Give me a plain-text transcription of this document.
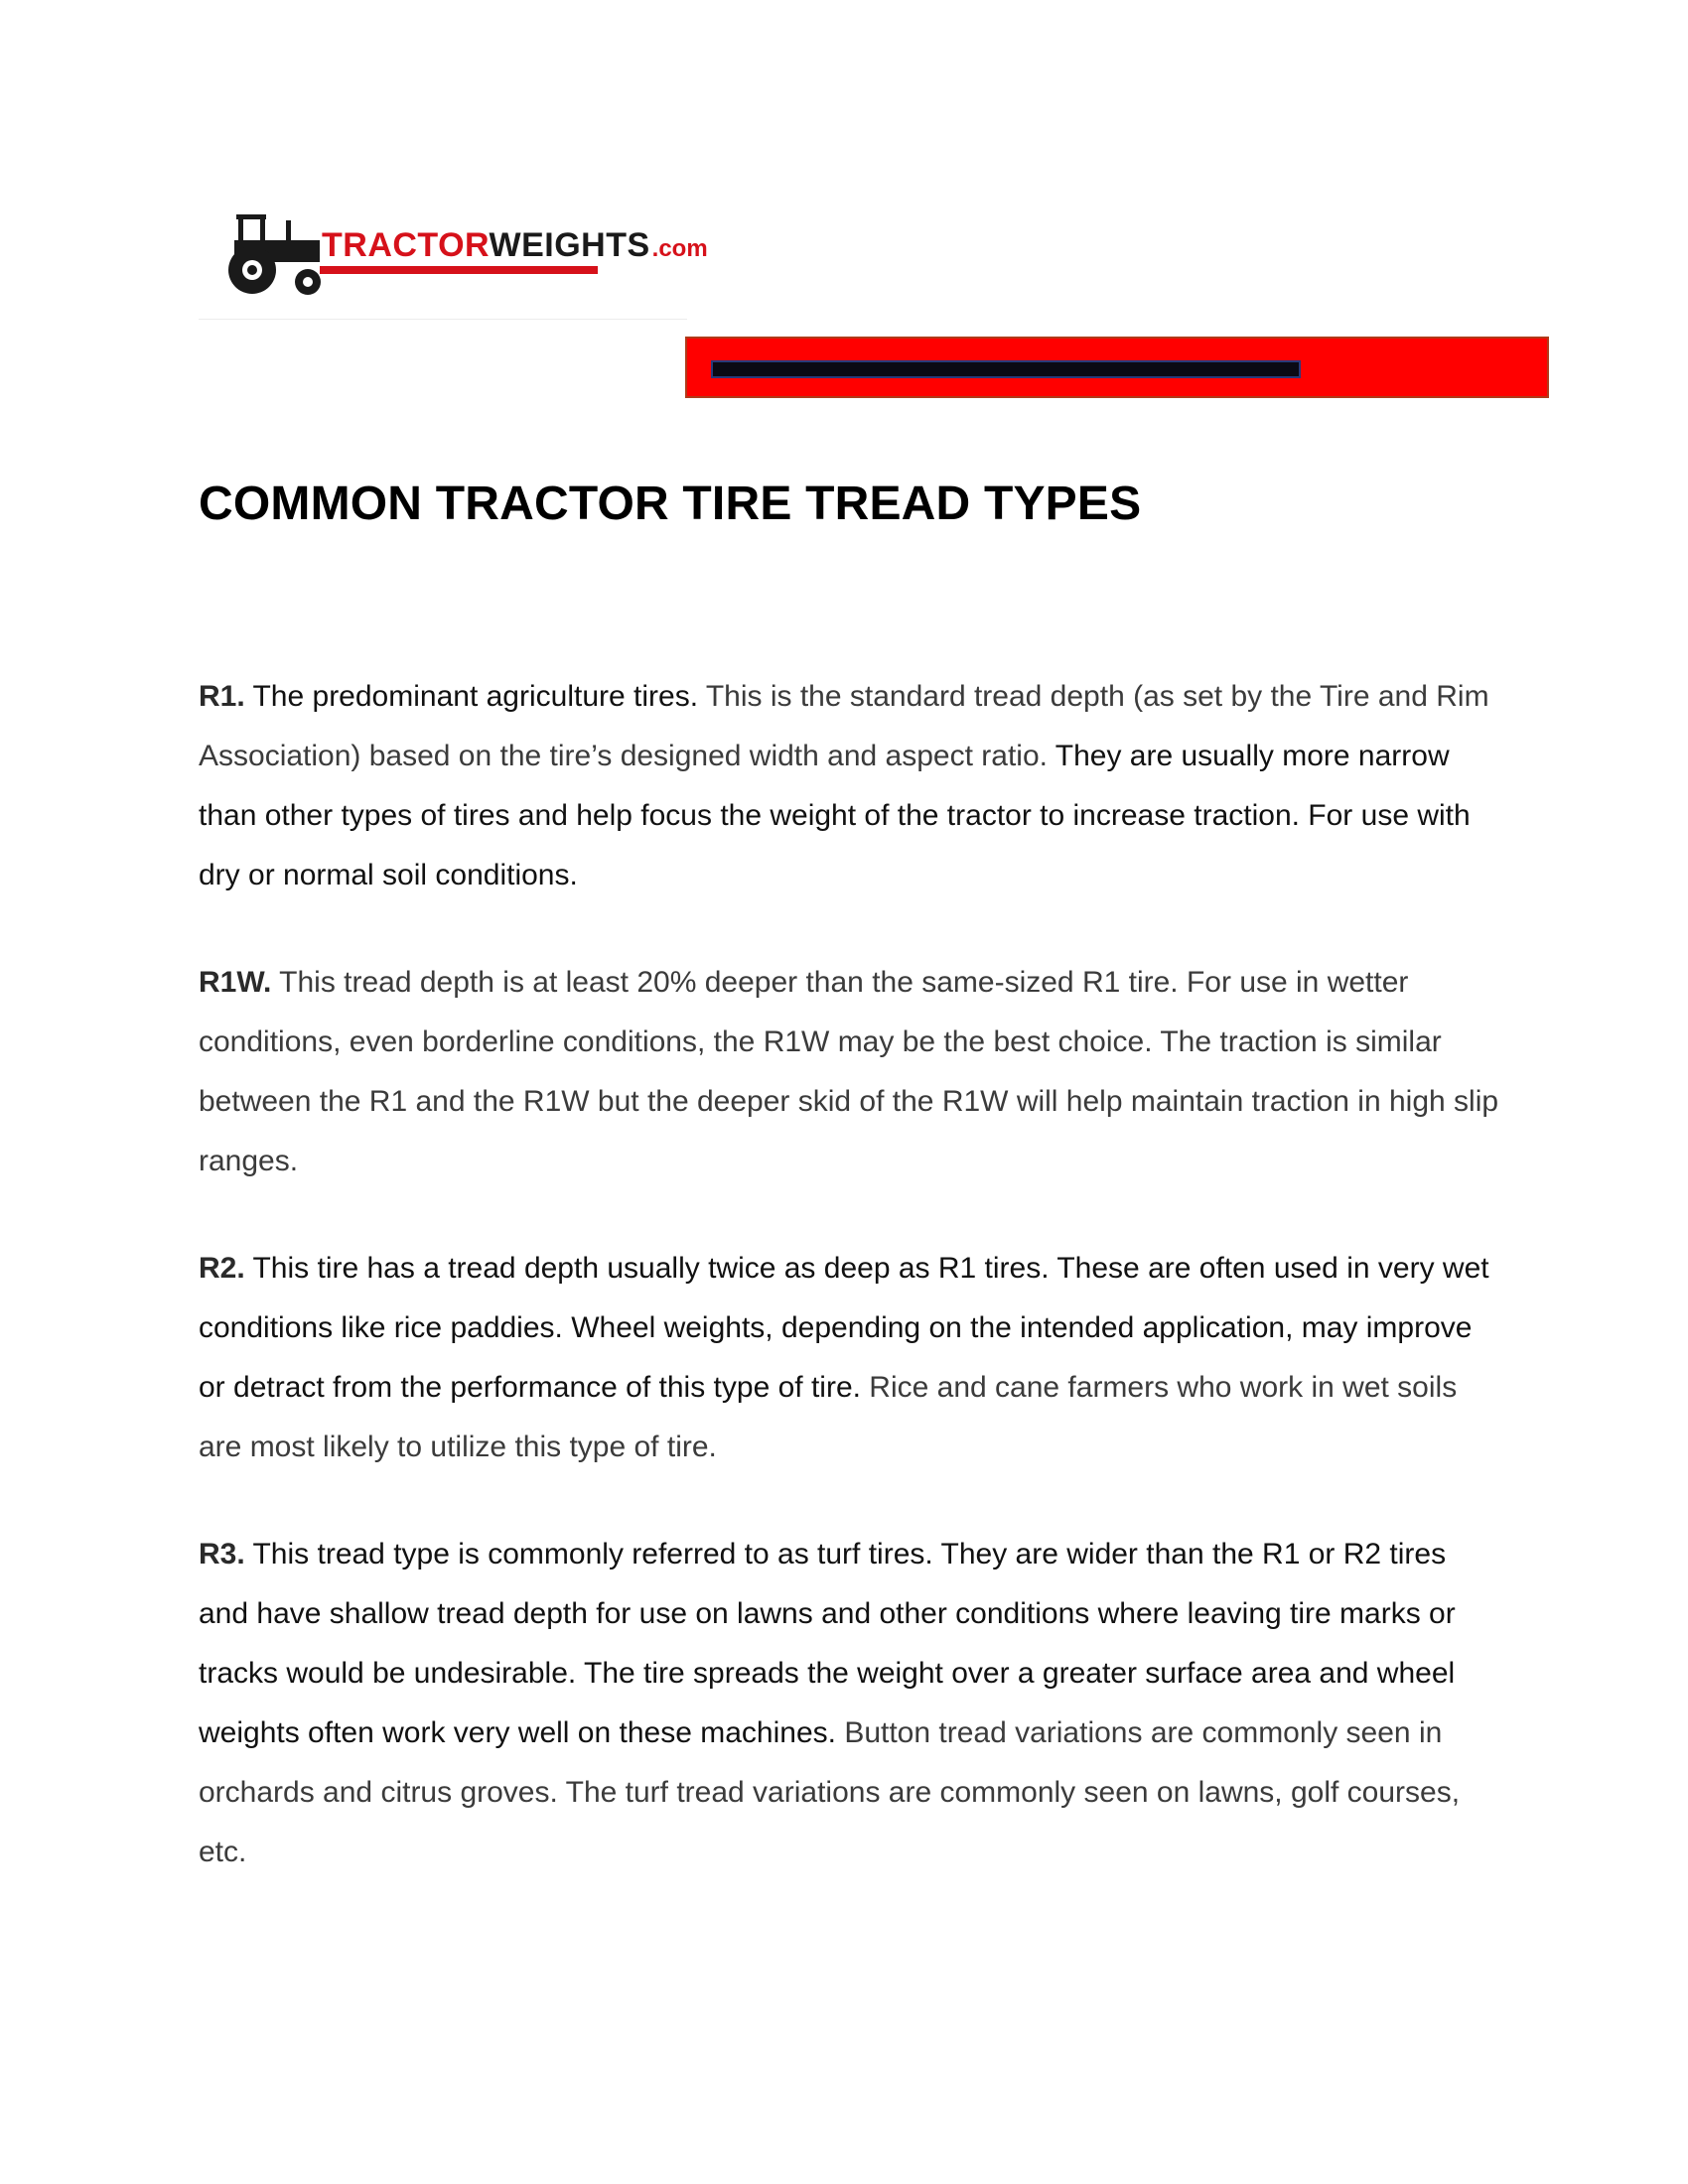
TRACTORWEIGHTS.com
COMMON TRACTOR TIRE TREAD TYPES

R1. The predominant agriculture tires. This is the standard tread depth (as set by the Tire and Rim Association) based on the tire’s designed width and aspect ratio. They are usually more narrow than other types of tires and help focus the weight of the tractor to increase traction. For use with dry or normal soil conditions.

R1W. This tread depth is at least 20% deeper than the same-sized R1 tire. For use in wetter conditions, even borderline conditions, the R1W may be the best choice. The traction is similar between the R1 and the R1W but the deeper skid of the R1W will help maintain traction in high slip ranges.

R2. This tire has a tread depth usually twice as deep as R1 tires. These are often used in very wet conditions like rice paddies. Wheel weights, depending on the intended application, may improve or detract from the performance of this type of tire. Rice and cane farmers who work in wet soils are most likely to utilize this type of tire.

R3. This tread type is commonly referred to as turf tires. They are wider than the R1 or R2 tires and have shallow tread depth for use on lawns and other conditions where leaving tire marks or tracks would be undesirable. The tire spreads the weight over a greater surface area and wheel weights often work very well on these machines. Button tread variations are commonly seen in orchards and citrus groves. The turf tread variations are commonly seen on lawns, golf courses, etc.
